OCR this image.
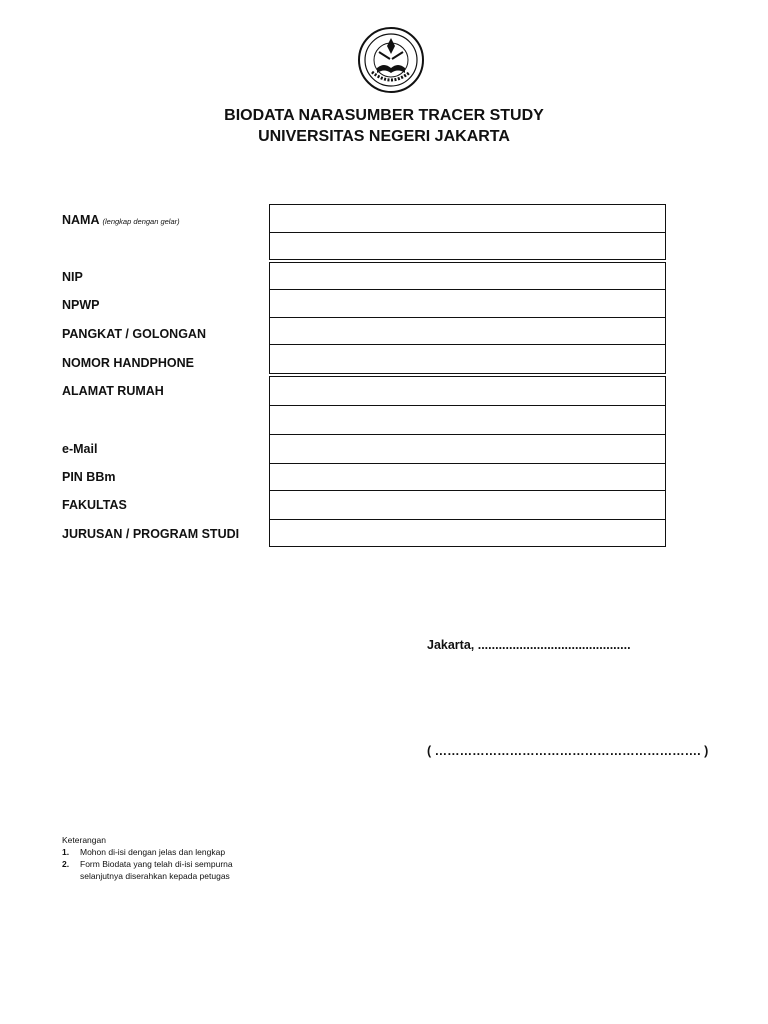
BIODATA NARASUMBER TRACER STUDY
UNIVERSITAS NEGERI JAKARTA
NAMA (lengkap dengan gelar)
NIP
NPWP
PANGKAT / GOLONGAN
NOMOR HANDPHONE
ALAMAT RUMAH
e-Mail
PIN BBm
FAKULTAS
JURUSAN / PROGRAM STUDI
Jakarta, ............................................
( ………………………………………………………. )
Keterangan
1. Mohon di-isi dengan jelas dan lengkap
2. Form Biodata yang telah di-isi sempurna
selanjutnya diserahkan kepada petugas
